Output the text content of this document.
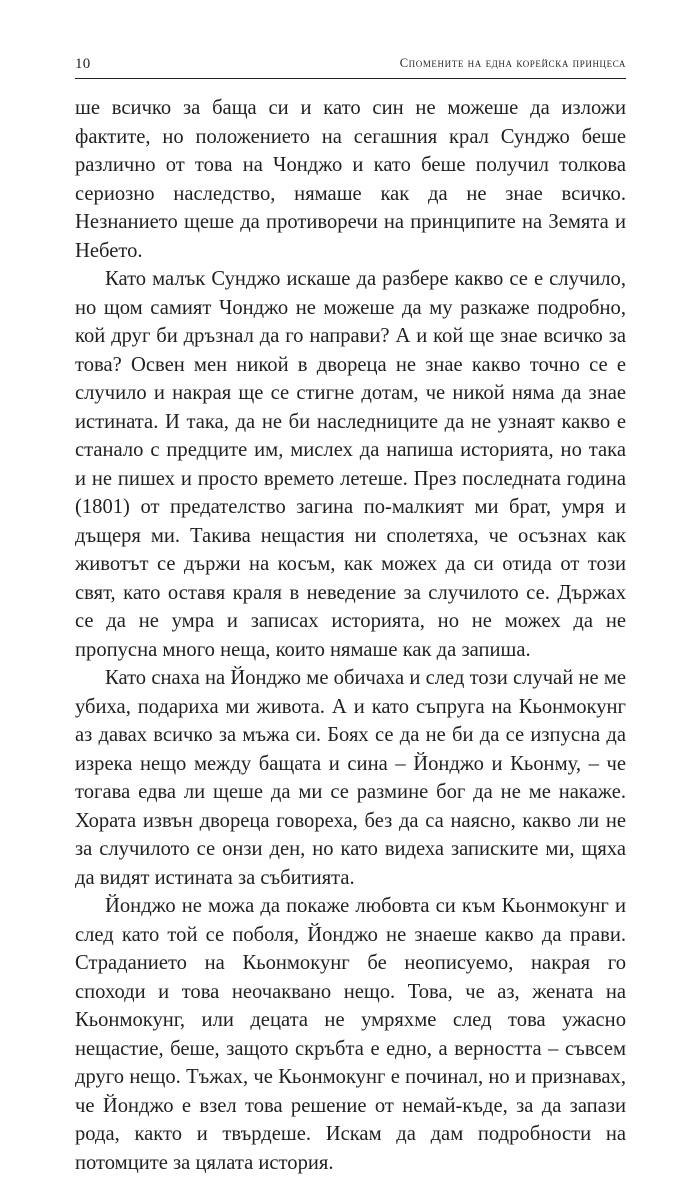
10	Спомените на една корейска принцеса

ше всичко за баща си и като син не можеше да изложи фактите, но положението на сегашния крал Сунджо беше различно от това на Чонджо и като беше получил толкова сериозно наследство, нямаше как да не знае всичко. Незнанието щеше да противоречи на принципите на Земята и Небето.

Като малък Сунджо искаше да разбере какво се е случило, но щом самият Чонджо не можеше да му разкаже подробно, кой друг би дръзнал да го направи? А и кой ще знае всичко за това? Освен мен никой в двореца не знае какво точно се е случило и накрая ще се стигне дотам, че никой няма да знае истината. И така, да не би наследниците да не узнаят какво е станало с предците им, мислех да напиша историята, но така и не пишех и просто времето летеше. През последната година (1801) от предателство загина по-малкият ми брат, умря и дъщеря ми. Такива нещастия ни сполетяха, че осъзнах как животът се държи на косъм, как можех да си отида от този свят, като оставя краля в неведение за случилото се. Държах се да не умра и записах историята, но не можех да не пропусна много неща, които нямаше как да запиша.

Като снаха на Йонджо ме обичаха и след този случай не ме убиха, подариха ми живота. А и като съпруга на Кьонмокунг аз давах всичко за мъжа си. Боях се да не би да се изпусна да изрека нещо между бащата и сина – Йонджо и Кьонму, – че тогава едва ли щеше да ми се размине бог да не ме накаже. Хората извън двореца говореха, без да са наясно, какво ли не за случилото се онзи ден, но като видеха записките ми, щяха да видят истината за събитията.

Йонджо не можа да покаже любовта си към Кьонмокунг и след като той се поболя, Йонджо не знаеше какво да прави. Страданието на Кьонмокунг бе неописуемо, накрая го споходи и това неочаквано нещо. Това, че аз, жената на Кьонмокунг, или децата не умряхме след това ужасно нещастие, беше, защото скръбта е едно, а верността – съвсем друго нещо. Тъжах, че Кьонмокунг е починал, но и признавах, че Йонджо е взел това решение от немай-къде, за да запази рода, както и твърдеше. Искам да дам подробности на потомците за цялата история.
